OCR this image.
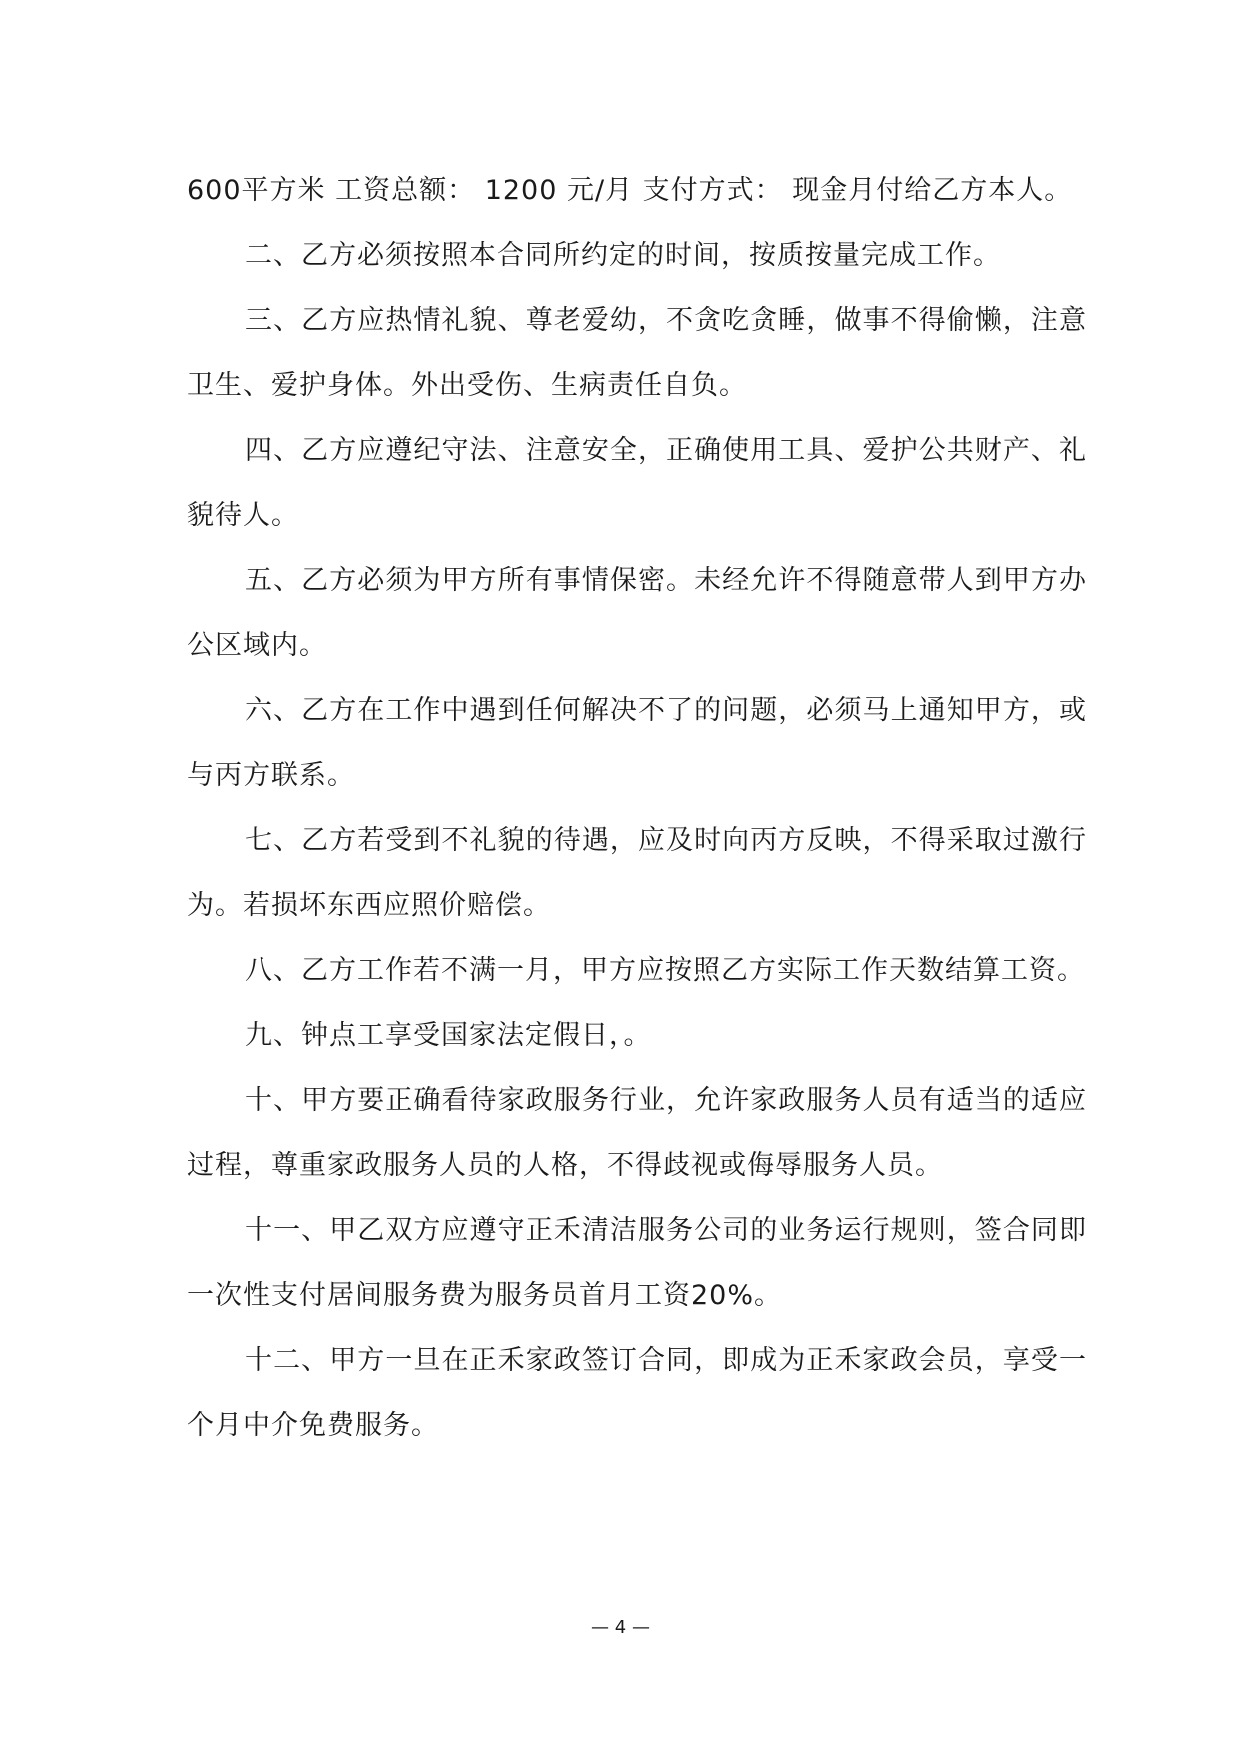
600平方米 工资总额： 1200 元/月 支付方式： 现金月付给乙方本人。

二、乙方必须按照本合同所约定的时间，按质按量完成工作。

三、乙方应热情礼貌、尊老爱幼，不贪吃贪睡，做事不得偷懒，注意卫生、爱护身体。外出受伤、生病责任自负。

四、乙方应遵纪守法、注意安全，正确使用工具、爱护公共财产、礼貌待人。

五、乙方必须为甲方所有事情保密。未经允许不得随意带人到甲方办公区域内。

六、乙方在工作中遇到任何解决不了的问题，必须马上通知甲方，或与丙方联系。

七、乙方若受到不礼貌的待遇，应及时向丙方反映，不得采取过激行为。若损坏东西应照价赔偿。

八、乙方工作若不满一月，甲方应按照乙方实际工作天数结算工资。

九、钟点工享受国家法定假日，。

十、甲方要正确看待家政服务行业，允许家政服务人员有适当的适应过程，尊重家政服务人员的人格，不得歧视或侮辱服务人员。

十一、甲乙双方应遵守正禾清洁服务公司的业务运行规则，签合同即一次性支付居间服务费为服务员首月工资20%。

十二、甲方一旦在正禾家政签订合同，即成为正禾家政会员，享受一个月中介免费服务。

— 4 —
